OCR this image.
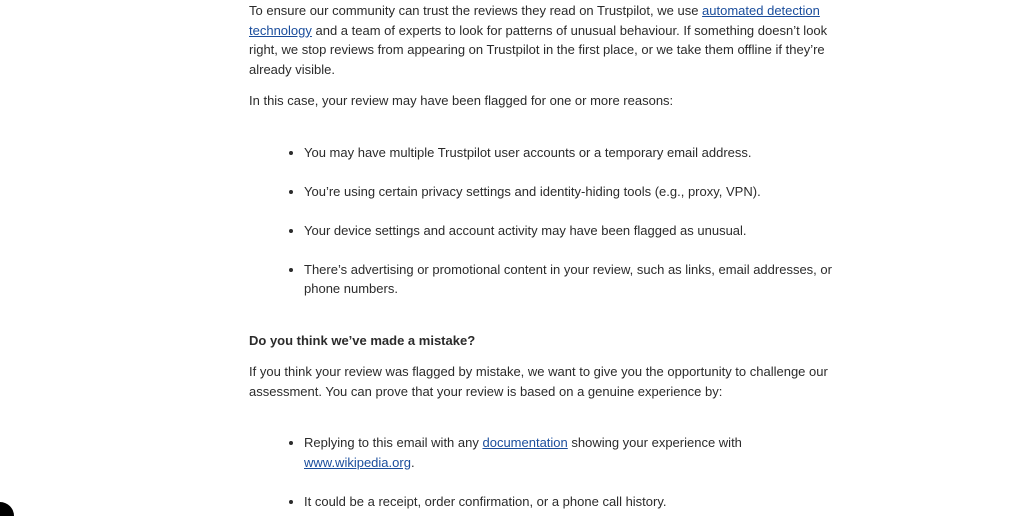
To ensure our community can trust the reviews they read on Trustpilot, we use automated detection technology and a team of experts to look for patterns of unusual behaviour. If something doesn’t look right, we stop reviews from appearing on Trustpilot in the first place, or we take them offline if they’re already visible.

In this case, your review may have been flagged for one or more reasons:

• You may have multiple Trustpilot user accounts or a temporary email address.
• You’re using certain privacy settings and identity-hiding tools (e.g., proxy, VPN).
• Your device settings and account activity may have been flagged as unusual.
• There’s advertising or promotional content in your review, such as links, email addresses, or phone numbers.

Do you think we’ve made a mistake?

If you think your review was flagged by mistake, we want to give you the opportunity to challenge our assessment. You can prove that your review is based on a genuine experience by:

• Replying to this email with any documentation showing your experience with www.wikipedia.org.
• It could be a receipt, order confirmation, or a phone call history.
